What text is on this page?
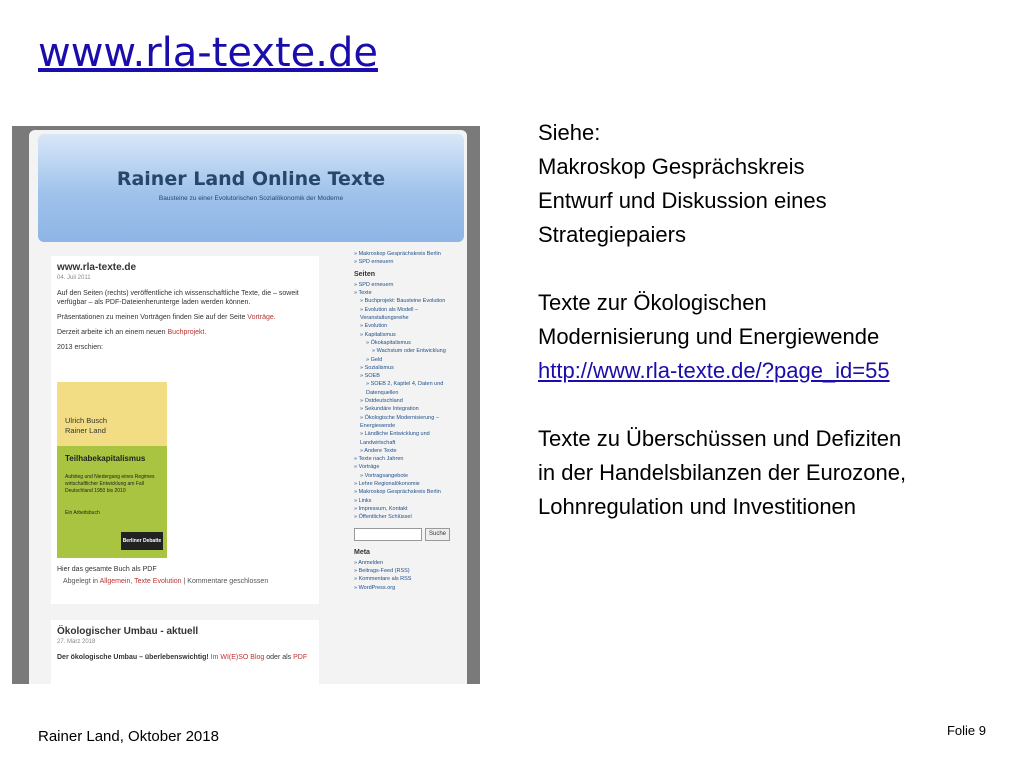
www.rla-texte.de
Rainer Land Online Texte
Bausteine zu einer Evolutorischen Sozialökonomik der Moderne
www.rla-texte.de
04. Juli 2011
Auf den Seiten (rechts) veröffentliche ich wissenschaftliche Texte, die – soweit verfügbar – als PDF-Dateienherunterge laden werden können.
Präsentationen zu meinen Vorträgen finden Sie auf der Seite Vorträge.
Derzeit arbeite ich an einem neuen Buchprojekt.
2013 erschien:
Ulrich Busch
Rainer Land
Teilhabekapitalismus
Aufstieg und Niedergang eines Regimes wirtschaftlicher Entwicklung am Fall Deutschland 1950 bis 2010
Ein Arbeitsbuch
Berliner Debatte
Hier das gesamte Buch als PDF
Abgelegt in Allgemein, Texte Evolution | Kommentare geschlossen
Ökologischer Umbau - aktuell
27. März 2018
Der ökologische Umbau – überlebenswichtig! Im WI(E)SO Blog oder als PDF
» Makroskop Gesprächskreis Berlin
» SPD erneuern
Seiten
» SPD erneuern
» Texte
» Buchprojekt: Bausteine Evolution
» Evolution als Modell – Veranstaltungsreihe
» Evolution
» Kapitalismus
» Ökokapitalismus
» Wachstum oder Entwicklung
» Geld
» Sozialismus
» SOEB
» SOEB 2, Kapitel 4, Daten und Datenquellen
» Ostdeutschland
» Sekundäre Integration
» Ökologische Modernisierung – Energiewende
» Ländliche Entwicklung und Landwirtschaft
» Andere Texte
» Texte nach Jahren
» Vorträge
» Vortragsangebote
» Lehre Regionalökonomie
» Makroskop Gesprächskreis Berlin
» Links
» Impressum, Kontakt
» Öffentlicher Schlüssel
Suche
Meta
» Anmelden
» Beitrags-Feed (RSS)
» Kommentare als RSS
» WordPress.org
Siehe:
Makroskop Gesprächskreis
Entwurf und Diskussion eines
Strategiepaiers
Texte zur Ökologischen
Modernisierung und Energiewende
http://www.rla-texte.de/?page_id=55
Texte zu Überschüssen und Defiziten
in der Handelsbilanzen der Eurozone,
Lohnregulation und Investitionen
Rainer Land, Oktober 2018	Folie 9
